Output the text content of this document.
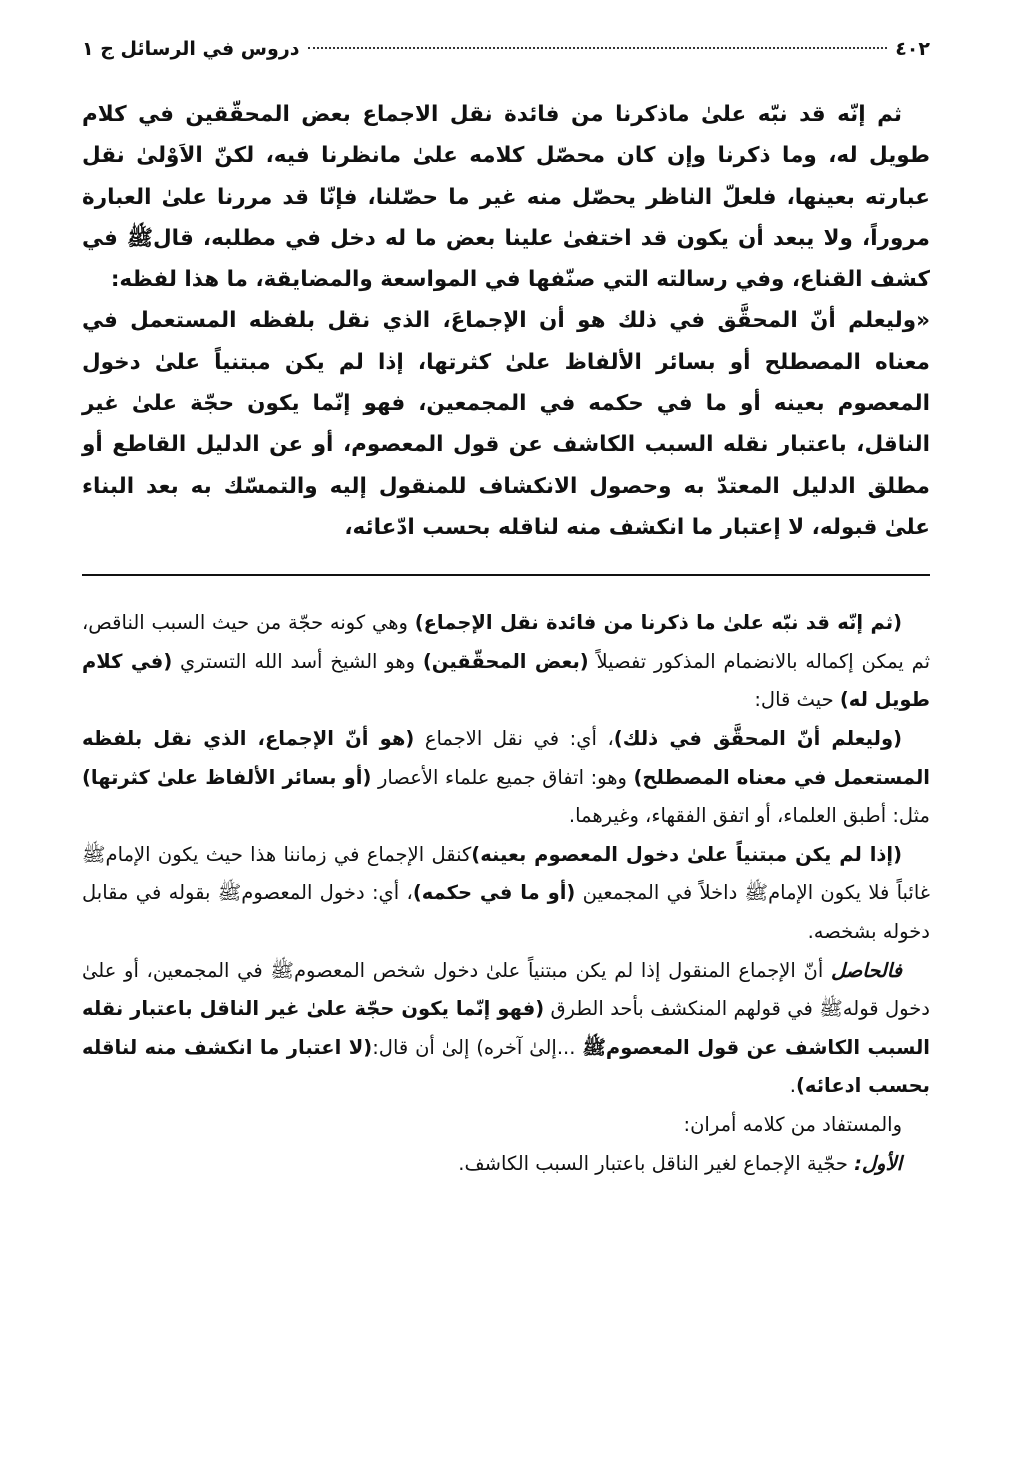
٤٠٢
دروس في الرسائل ج ١

ثم إنّه قد نبّه علىٰ ماذكرنا من فائدة نقل الاجماع بعض المحقّقين في كلام طويل له، وما ذكرنا وإن كان محصّل كلامه علىٰ مانظرنا فيه، لكنّ الاَوْلىٰ نقل عبارته بعينها، فلعلّ الناظر يحصّل منه غير ما حصّلنا، فإنّا قد مررنا علىٰ العبارة مروراً، ولا يبعد أن يكون قد اختفىٰ علينا بعض ما له دخل في مطلبه، قالﷺ في كشف القناع، وفي رسالته التي صنّفها في المواسعة والمضايقة، ما هذا لفظه:

«وليعلم أنّ المحقَّق في ذلك هو أن الإجماعَ، الذي نقل بلفظه المستعمل في معناه المصطلح أو بسائر الألفاظ علىٰ كثرتها، إذا لم يكن مبتنياً علىٰ دخول المعصوم بعينه أو ما في حكمه في المجمعين، فهو إنّما يكون حجّة علىٰ غير الناقل، باعتبار نقله السبب الكاشف عن قول المعصوم، أو عن الدليل القاطع أو مطلق الدليل المعتدّ به وحصول الانكشاف للمنقول إليه والتمسّك به بعد البناء علىٰ قبوله، لا إعتبار ما انكشف منه لناقله بحسب ادّعائه،

(ثم إنّه قد نبّه علىٰ ما ذكرنا من فائدة نقل الإجماع) وهي كونه حجّة من حيث السبب الناقص، ثم يمكن إكماله بالانضمام المذكور تفصيلاً (بعض المحقّقين) وهو الشيخ أسد الله التستري (في كلام طويل له) حيث قال:

(وليعلم أنّ المحقَّق في ذلك)، أي: في نقل الاجماع (هو أنّ الإجماع، الذي نقل بلفظه المستعمل في معناه المصطلح) وهو: اتفاق جميع علماء الأعصار (أو بسائر الألفاظ علىٰ كثرتها) مثل: أطبق العلماء، أو اتفق الفقهاء، وغيرهما.

(إذا لم يكن مبتنياً علىٰ دخول المعصوم بعينه)كنقل الإجماع في زماننا هذا حيث يكون الإمامﷺ غائباً فلا يكون الإمامﷺ داخلاً في المجمعين (أو ما في حكمه)، أي: دخول المعصومﷺ بقوله في مقابل دخوله بشخصه.

فالحاصل أنّ الإجماع المنقول إذا لم يكن مبتنياً علىٰ دخول شخص المعصومﷺ في المجمعين، أو علىٰ دخول قولهﷺ في قولهم المنكشف بأحد الطرق (فهو إنّما يكون حجّة علىٰ غير الناقل باعتبار نقله السبب الكاشف عن قول المعصومﷺ ...إلىٰ آخره) إلىٰ أن قال:(لا اعتبار ما انكشف منه لناقله بحسب ادعائه).

والمستفاد من كلامه أمران:

الأول: حجّية الإجماع لغير الناقل باعتبار السبب الكاشف.
